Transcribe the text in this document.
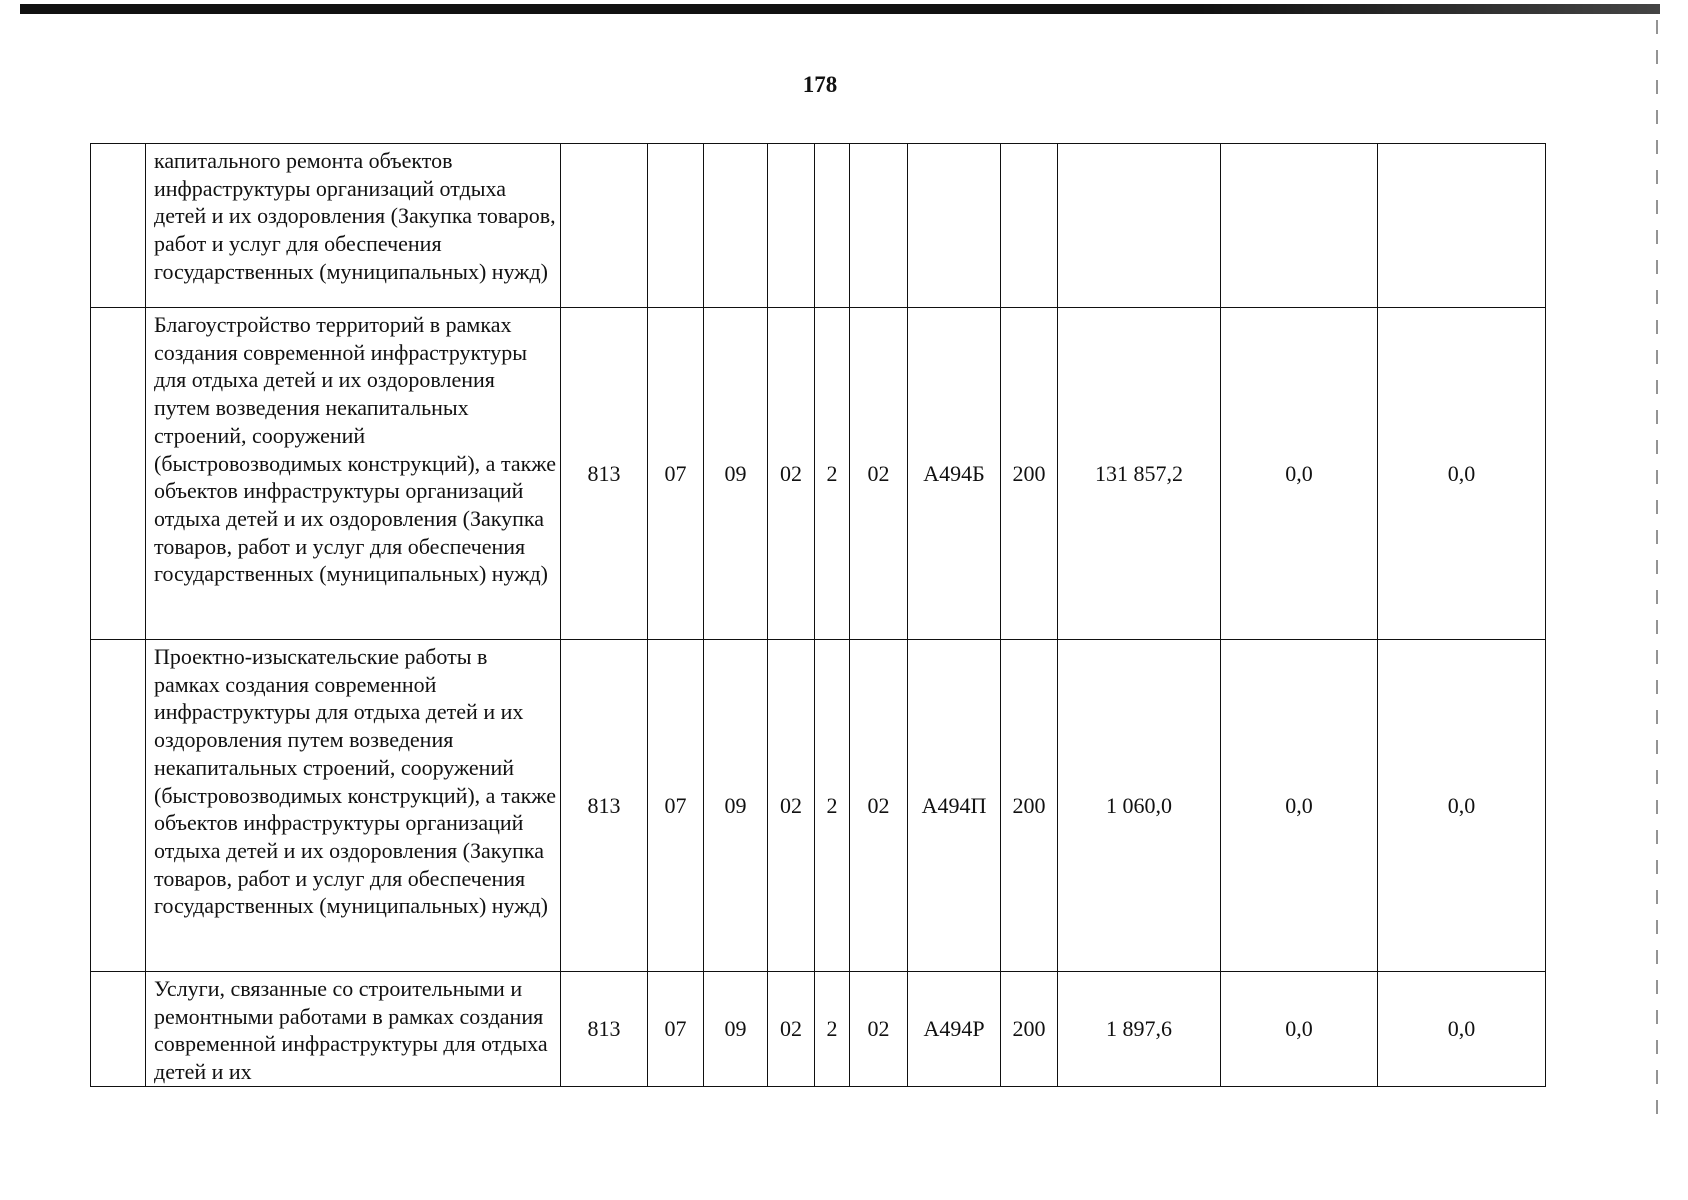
178
	капитального ремонта объектов инфраструктуры организаций отдыха детей и их оздоровления (Закупка товаров, работ и услуг для обеспечения государственных (муниципальных) нужд)											
	Благоустройство территорий в рамках создания современной инфраструктуры для отдыха детей и их оздоровления путем возведения некапитальных строений, сооружений (быстровозводимых конструкций), а также объектов инфраструктуры организаций отдыха детей и их оздоровления (Закупка товаров, работ и услуг для обеспечения государственных (муниципальных) нужд)	813	07	09	02	2	02	А494Б	200	131 857,2	0,0	0,0
	Проектно-изыскательские работы в рамках создания современной инфраструктуры для отдыха детей и их оздоровления путем возведения некапитальных строений, сооружений (быстровозводимых конструкций), а также объектов инфраструктуры организаций отдыха детей и их оздоровления (Закупка товаров, работ и услуг для обеспечения государственных (муниципальных) нужд)	813	07	09	02	2	02	А494П	200	1 060,0	0,0	0,0
	Услуги, связанные со строительными и ремонтными работами в рамках создания современной инфраструктуры для отдыха детей и их	813	07	09	02	2	02	А494Р	200	1 897,6	0,0	0,0
